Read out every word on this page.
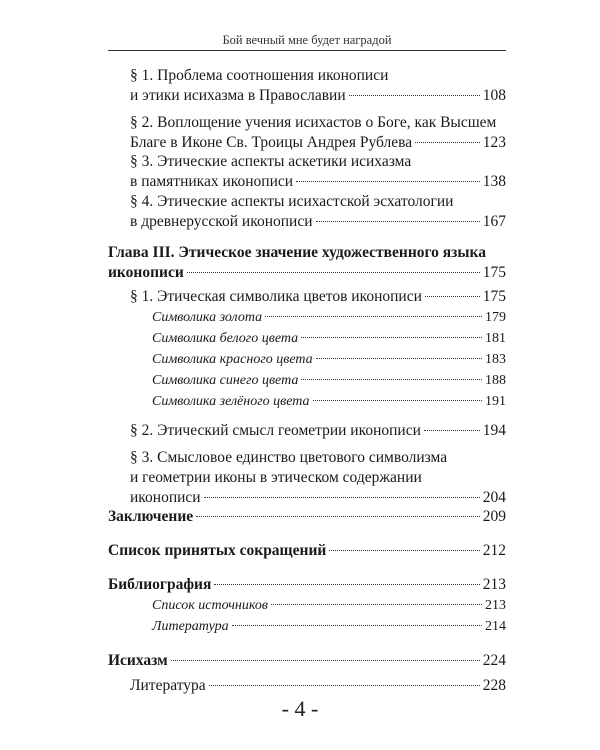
Бой вечный мне будет наградой
§ 1. Проблема соотношения иконописи
и этики исихазма в Православии	108
§ 2. Воплощение учения исихастов о Боге, как Высшем
Благе в Иконе Св. Троицы Андрея Рублева	123
§ 3. Этические аспекты аскетики исихазма
в памятниках иконописи	138
§ 4. Этические аспекты исихастской эсхатологии
в древнерусской иконописи	167
Глава III. Этическое значение художественного языка
иконописи	175
§ 1. Этическая символика цветов иконописи	175
Символика золота	179
Символика белого цвета	181
Символика красного цвета	183
Символика синего цвета	188
Символика зелёного цвета	191
§ 2. Этический смысл геометрии иконописи	194
§ 3. Смысловое единство цветового символизма
и геометрии иконы в этическом содержании
иконописи	204
Заключение	209
Список принятых сокращений	212
Библиография	213
Список источников	213
Литература	214
Исихазм	224
Литература	228
- 4 -
